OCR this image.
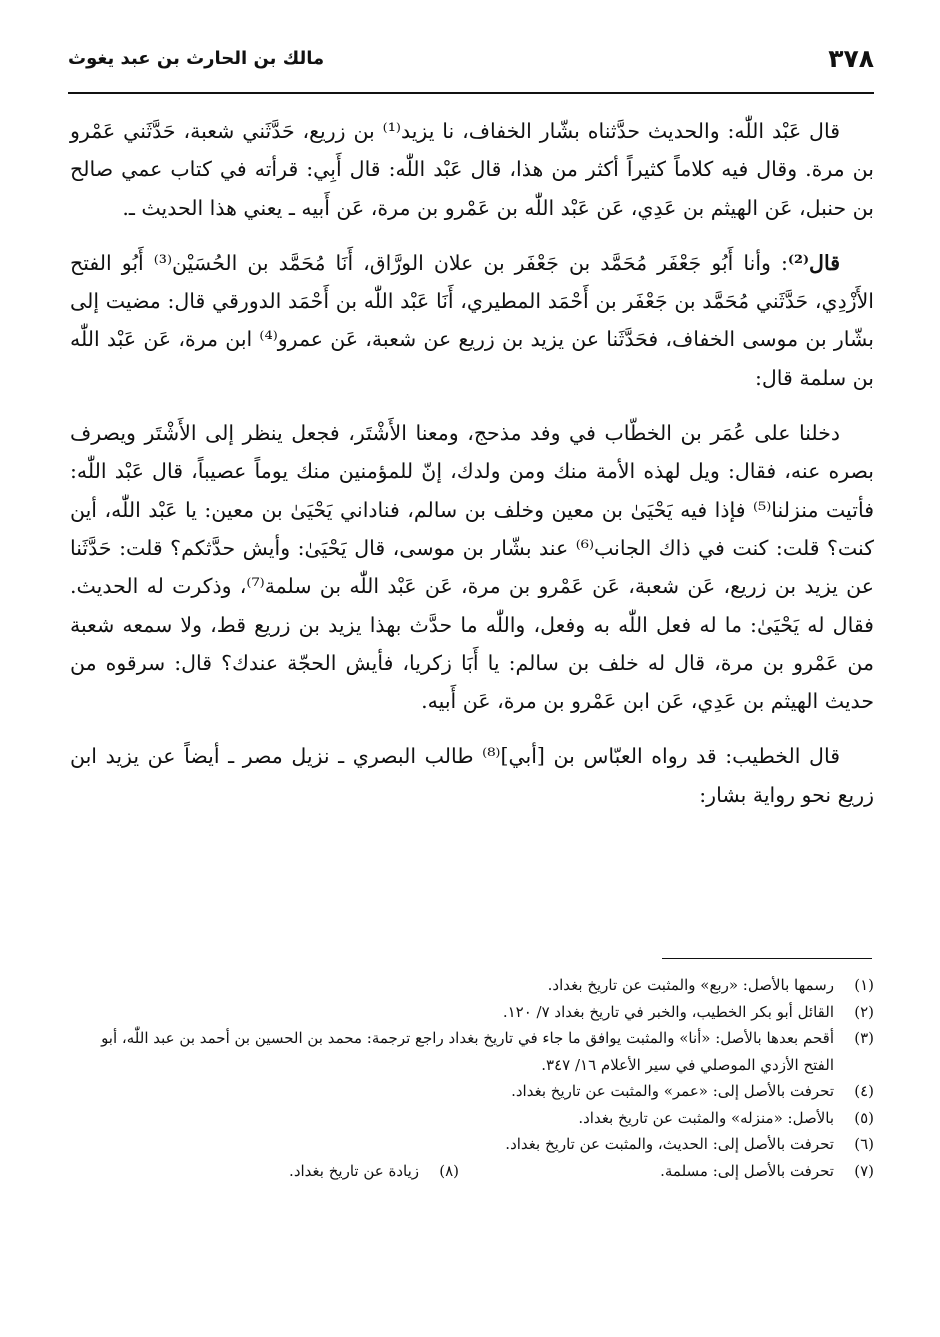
٣٧٨
مالك بن الحارث بن عبد يغوث

قال عَبْد اللّٰه: والحديث حدَّثناه بشّار الخفاف، نا يزيد⁽¹⁾ بن زريع، حَدَّثَني شعبة، حَدَّثَني عَمْرو بن مرة. وقال فيه كلاماً كثيراً أكثر من هذا، قال عَبْد اللّٰه: قال أَبِي: قرأته في كتاب عمي صالح بن حنبل، عَن الهيثم بن عَدِي، عَن عَبْد اللّٰه بن عَمْرو بن مرة، عَن أَبيه ـ يعني هذا الحديث ـ.

قال⁽²⁾: وأنا أَبُو جَعْفَر مُحَمَّد بن جَعْفَر بن علان الورَّاق، أَنَا مُحَمَّد بن الحُسَيْن⁽³⁾ أَبُو الفتح الأَزْدِي، حَدَّثَني مُحَمَّد بن جَعْفَر بن أَحْمَد المطيري، أَنَا عَبْد اللّٰه بن أَحْمَد الدورقي قال: مضيت إلى بشّار بن موسى الخفاف، فحَدَّثَنا عن يزيد بن زريع عن شعبة، عَن عمرو⁽⁴⁾ ابن مرة، عَن عَبْد اللّٰه بن سلمة قال:

دخلنا على عُمَر بن الخطّاب في وفد مذحج، ومعنا الأَشْتَر، فجعل ينظر إلى الأَشْتَر ويصرف بصره عنه، فقال: ويل لهذه الأمة منك ومن ولدك، إنّ للمؤمنين منك يوماً عصيباً، قال عَبْد اللّٰه: فأتيت منزلنا⁽⁵⁾ فإذا فيه يَحْيَىٰ بن معين وخلف بن سالم، فناداني يَحْيَىٰ بن معين: يا عَبْد اللّٰه، أين كنت؟ قلت: كنت في ذاك الجانب⁽⁶⁾ عند بشّار بن موسى، قال يَحْيَىٰ: وأيش حدَّثكم؟ قلت: حَدَّثَنا عن يزيد بن زريع، عَن شعبة، عَن عَمْرو بن مرة، عَن عَبْد اللّٰه بن سلمة⁽⁷⁾، وذكرت له الحديث. فقال له يَحْيَىٰ: ما له فعل اللّٰه به وفعل، واللّٰه ما حدَّث بهذا يزيد بن زريع قط، ولا سمعه شعبة من عَمْرو بن مرة، قال له خلف بن سالم: يا أَبَا زكريا، فأيش الحجّة عندك؟ قال: سرقوه من حديث الهيثم بن عَدِي، عَن ابن عَمْرو بن مرة، عَن أَبيه.

قال الخطيب: قد رواه العبّاس بن [أبي]⁽⁸⁾ طالب البصري ـ نزيل مصر ـ أيضاً عن يزيد ابن زريع نحو رواية بشار:

(١)
رسمها بالأصل: «ربع» والمثبت عن تاريخ بغداد.
(٢)
القائل أبو بكر الخطيب، والخبر في تاريخ بغداد ٧/ ١٢٠.
(٣)
أقحم بعدها بالأصل: «أنا» والمثبت يوافق ما جاء في تاريخ بغداد راجع ترجمة: محمد بن الحسين بن أحمد بن عبد اللّٰه، أبو الفتح الأزدي الموصلي في سير الأعلام ١٦/ ٣٤٧.
(٤)
تحرفت بالأصل إلى: «عمر» والمثبت عن تاريخ بغداد.
(٥)
بالأصل: «منزله» والمثبت عن تاريخ بغداد.
(٦)
تحرفت بالأصل إلى: الحديث، والمثبت عن تاريخ بغداد.
(٧)
تحرفت بالأصل إلى: مسلمة.
(٨)
زيادة عن تاريخ بغداد.
